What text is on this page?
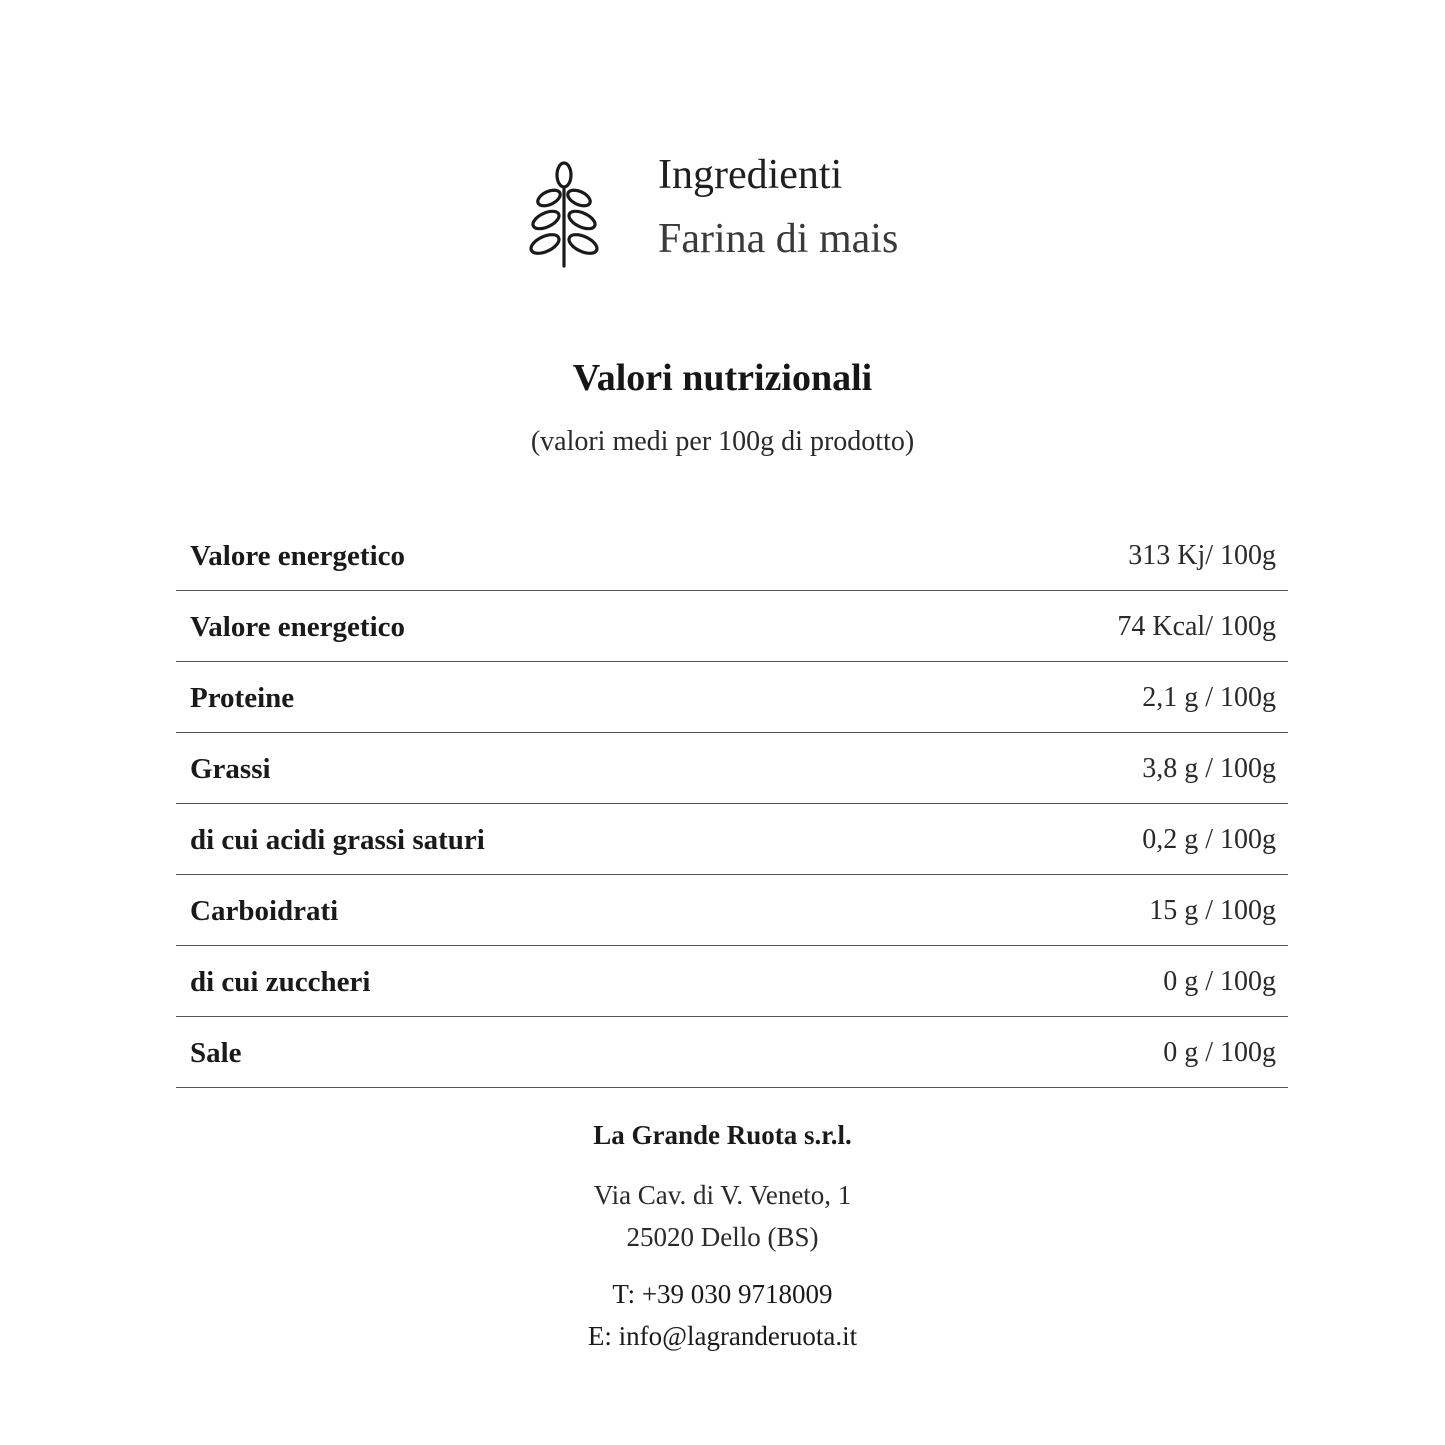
Ingredienti
Farina di mais
Valori nutrizionali
(valori medi per 100g di prodotto)
Valore energetico	313 Kj/ 100g
Valore energetico	74 Kcal/ 100g
Proteine	2,1 g / 100g
Grassi	3,8 g / 100g
di cui acidi grassi saturi	0,2 g / 100g
Carboidrati	15 g / 100g
di cui zuccheri	0 g / 100g
Sale	0 g / 100g
La Grande Ruota s.r.l.
Via Cav. di V. Veneto, 1
25020 Dello (BS)
T: +39 030 9718009
E: info@lagranderuota.it
